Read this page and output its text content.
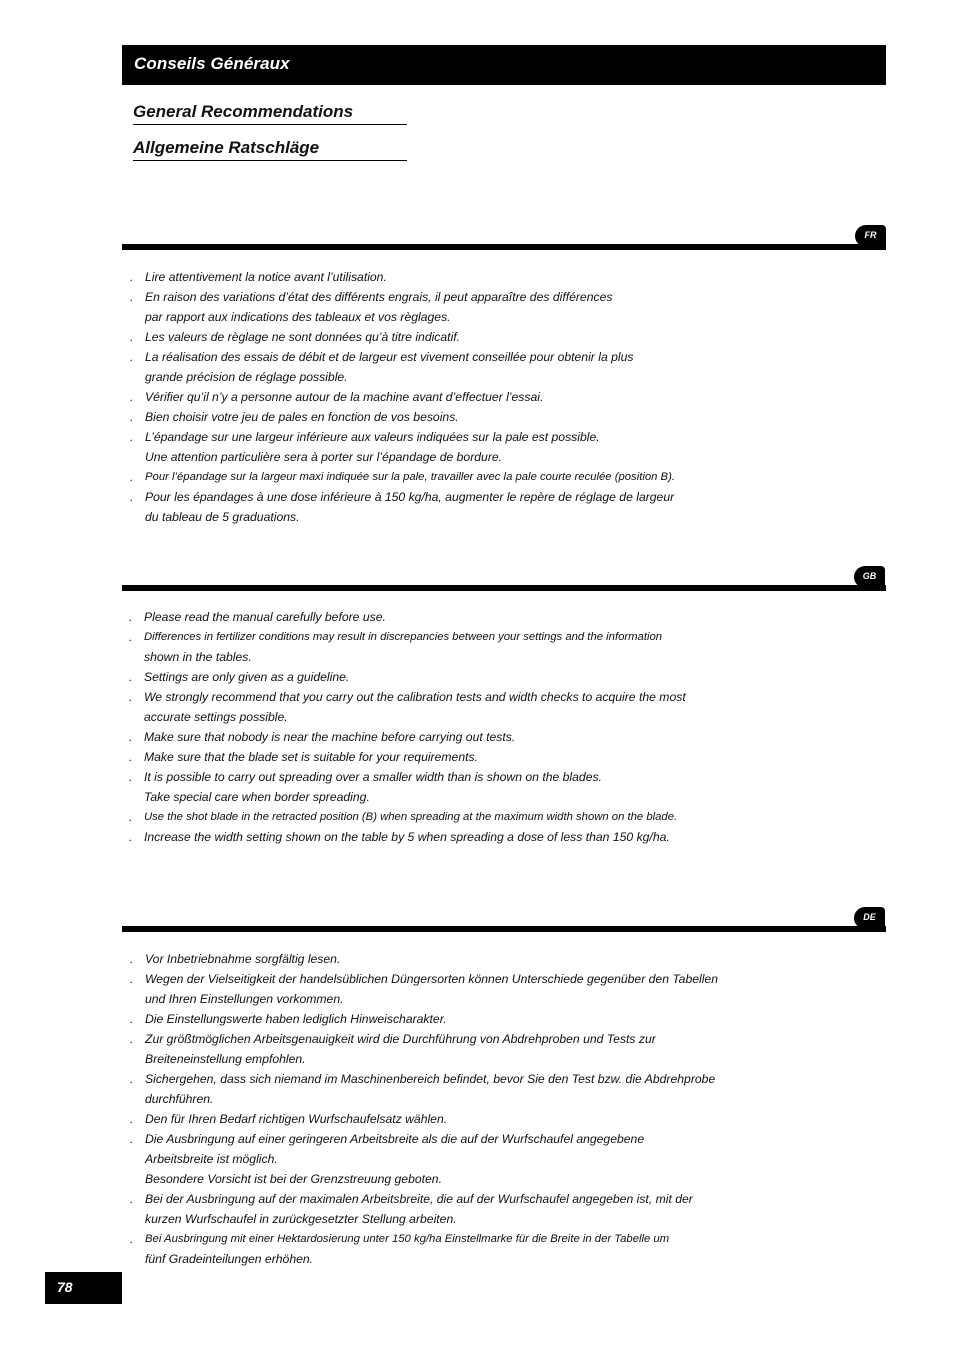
Conseils Généraux
General Recommendations
Allgemeine Ratschläge
FR
. Lire attentivement la notice avant l’utilisation.
. En raison des variations d’état des différents engrais, il peut apparaître des différences
par rapport aux indications des tableaux et vos règlages.
. Les valeurs de règlage ne sont données qu’à titre indicatif.
. La réalisation des essais de débit et de largeur est vivement conseillée pour obtenir la plus
grande précision de réglage possible.
. Vérifier qu’il n’y a personne autour de la machine avant d’effectuer l’essai.
. Bien choisir votre jeu de pales en fonction de vos besoins.
. L’épandage sur une largeur inférieure aux valeurs indiquées sur la pale est possible.
Une attention particulière sera à porter sur l’épandage de bordure.
. Pour l’épandage sur la largeur maxi indiquée sur la pale, travailler avec la pale courte reculée (position B).
. Pour les épandages à une dose inférieure à 150 kg/ha, augmenter le repère de réglage de largeur
du tableau de 5 graduations.
GB
. Please read the manual carefully before use.
. Differences in fertilizer conditions may result in discrepancies between your settings and the information
shown in the tables.
. Settings are only given as a guideline.
. We strongly recommend that you carry out the calibration tests and width checks to acquire the most
accurate settings possible.
. Make sure that nobody is near the machine before carrying out tests.
. Make sure that the blade set is suitable for your requirements.
. It is possible to carry out spreading over a smaller width than is shown on the blades.
Take special care when border spreading.
. Use the shot blade in the retracted position (B) when spreading at the maximum width shown on the blade.
. Increase the width setting shown on the table by 5 when spreading a dose of less than 150 kg/ha.
DE
. Vor Inbetriebnahme sorgfältig lesen.
. Wegen der Vielseitigkeit der handelsüblichen Düngersorten können Unterschiede gegenüber den Tabellen
und Ihren Einstellungen vorkommen.
. Die Einstellungswerte haben lediglich Hinweischarakter.
. Zur größtmöglichen Arbeitsgenauigkeit wird die Durchführung von Abdrehproben und Tests zur
Breiteneinstellung empfohlen.
. Sichergehen, dass sich niemand im Maschinenbereich befindet, bevor Sie den Test bzw. die Abdrehprobe
durchführen.
. Den für Ihren Bedarf richtigen Wurfschaufelsatz wählen.
. Die Ausbringung auf einer geringeren Arbeitsbreite als die auf der Wurfschaufel angegebene
Arbeitsbreite ist möglich.
Besondere Vorsicht ist bei der Grenzstreuung geboten.
. Bei der Ausbringung auf der maximalen Arbeitsbreite, die auf der Wurfschaufel angegeben ist, mit der
kurzen Wurfschaufel in zurückgesetzter Stellung arbeiten.
. Bei Ausbringung mit einer Hektardosierung unter 150 kg/ha Einstellmarke für die Breite in der Tabelle um
fünf Gradeinteilungen erhöhen.
78
